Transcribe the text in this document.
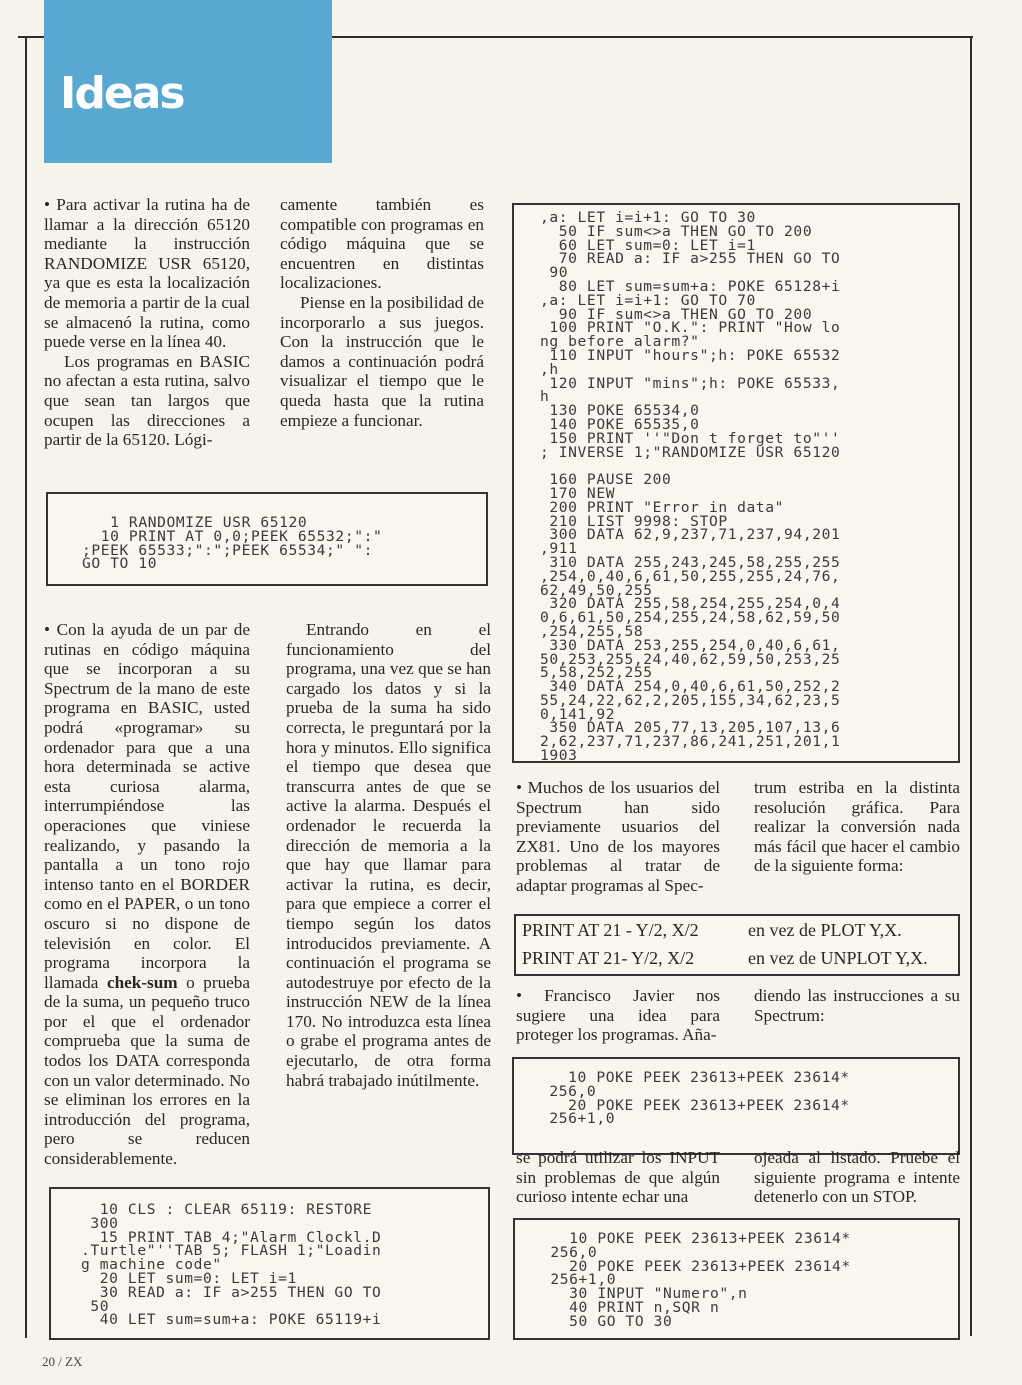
Ideas

• Para activar la rutina ha de llamar a la dirección 65120 mediante la instrucción RANDOMIZE USR 65120, ya que es esta la localización de memoria a partir de la cual se almacenó la rutina, como puede verse en la línea 40.

Los programas en BASIC no afectan a esta rutina, salvo que sean tan largos que ocupen las direcciones a partir de la 65120. Lógi-

camente también es compatible con programas en código máquina que se encuentren en distintas localizaciones.

Piense en la posibilidad de incorporarlo a sus juegos. Con la instrucción que le damos a continuación podrá visualizar el tiempo que le queda hasta que la rutina empieze a funcionar.

1 RANDOMIZE USR 65120
10 PRINT AT 0,0;PEEK 65532;":"
;PEEK 65533;":";PEEK 65534;" ":
GO TO 10

• Con la ayuda de un par de rutinas en código máquina que se incorporan a su Spectrum de la mano de este programa en BASIC, usted podrá «programar» su ordenador para que a una hora determinada se active esta curiosa alarma, interrumpiéndose las operaciones que viniese realizando, y pasando la pantalla a un tono rojo intenso tanto en el BORDER como en el PAPER, o un tono oscuro si no dispone de televisión en color. El programa incorpora la llamada chek-sum o prueba de la suma, un pequeño truco por el que el ordenador comprueba que la suma de todos los DATA corresponda con un valor determinado. No se eliminan los errores en la introducción del programa, pero se reducen considerablemente.

Entrando en el funcionamiento del programa, una vez que se han cargado los datos y si la prueba de la suma ha sido correcta, le preguntará por la hora y minutos. Ello significa el tiempo que desea que transcurra antes de que se active la alarma. Después el ordenador le recuerda la dirección de memoria a la que hay que llamar para activar la rutina, es decir, para que empiece a correr el tiempo según los datos introducidos previamente. A continuación el programa se autodestruye por efecto de la instrucción NEW de la línea 170. No introduzca esta línea o grabe el programa antes de ejecutarlo, de otra forma habrá trabajado inútilmente.

10 CLS : CLEAR 65119: RESTORE
300
15 PRINT TAB 4;"Alarm Clockl.D
.Turtle"''TAB 5; FLASH 1;"Loadin
g machine code"
20 LET sum=0: LET i=1
30 READ a: IF a>255 THEN GO TO
50
40 LET sum=sum+a: POKE 65119+i
,a: LET i=i+1: GO TO 30
50 IF sum<>a THEN GO TO 200
60 LET sum=0: LET i=1
70 READ a: IF a>255 THEN GO TO
90
80 LET sum=sum+a: POKE 65128+i
,a: LET i=i+1: GO TO 70
90 IF sum<>a THEN GO TO 200
100 PRINT "O.K.": PRINT "How lo
ng before alarm?"
110 INPUT "hours";h: POKE 65532
,h
120 INPUT "mins";h: POKE 65533,
h
130 POKE 65534,0
140 POKE 65535,0
150 PRINT ''"Don t forget to"''
; INVERSE 1;"RANDOMIZE USR 65120

160 PAUSE 200
170 NEW
200 PRINT "Error in data"
210 LIST 9998: STOP
300 DATA 62,9,237,71,237,94,201
,911
310 DATA 255,243,245,58,255,255
,254,0,40,6,61,50,255,255,24,76,
62,49,50,255
320 DATA 255,58,254,255,254,0,4
0,6,61,50,254,255,24,58,62,59,50
,254,255,58
330 DATA 253,255,254,0,40,6,61,
50,253,255,24,40,62,59,50,253,25
5,58,252,255
340 DATA 254,0,40,6,61,50,252,2
55,24,22,62,2,205,155,34,62,23,5
0,141,92
350 DATA 205,77,13,205,107,13,6
2,62,237,71,237,86,241,251,201,1
1903

• Muchos de los usuarios del Spectrum han sido previamente usuarios del ZX81. Uno de los mayores problemas al tratar de adaptar programas al Spec-

trum estriba en la distinta resolución gráfica. Para realizar la conversión nada más fácil que hacer el cambio de la siguiente forma:

PRINT AT 21 - Y/2, X/2	en vez de PLOT Y,X.
PRINT AT 21- Y/2, X/2	en vez de UNPLOT Y,X.

• Francisco Javier nos sugiere una idea para proteger los programas. Aña-

diendo las instrucciones a su Spectrum:

10 POKE PEEK 23613+PEEK 23614*
256,0
20 POKE PEEK 23613+PEEK 23614*
256+1,0

se podrá utilizar los INPUT sin problemas de que algún curioso intente echar una

ojeada al listado. Pruebe el siguiente programa e intente detenerlo con un STOP.

10 POKE PEEK 23613+PEEK 23614*
256,0
20 POKE PEEK 23613+PEEK 23614*
256+1,0
30 INPUT "Numero",n
40 PRINT n,SQR n
50 GO TO 30
20 / ZX
